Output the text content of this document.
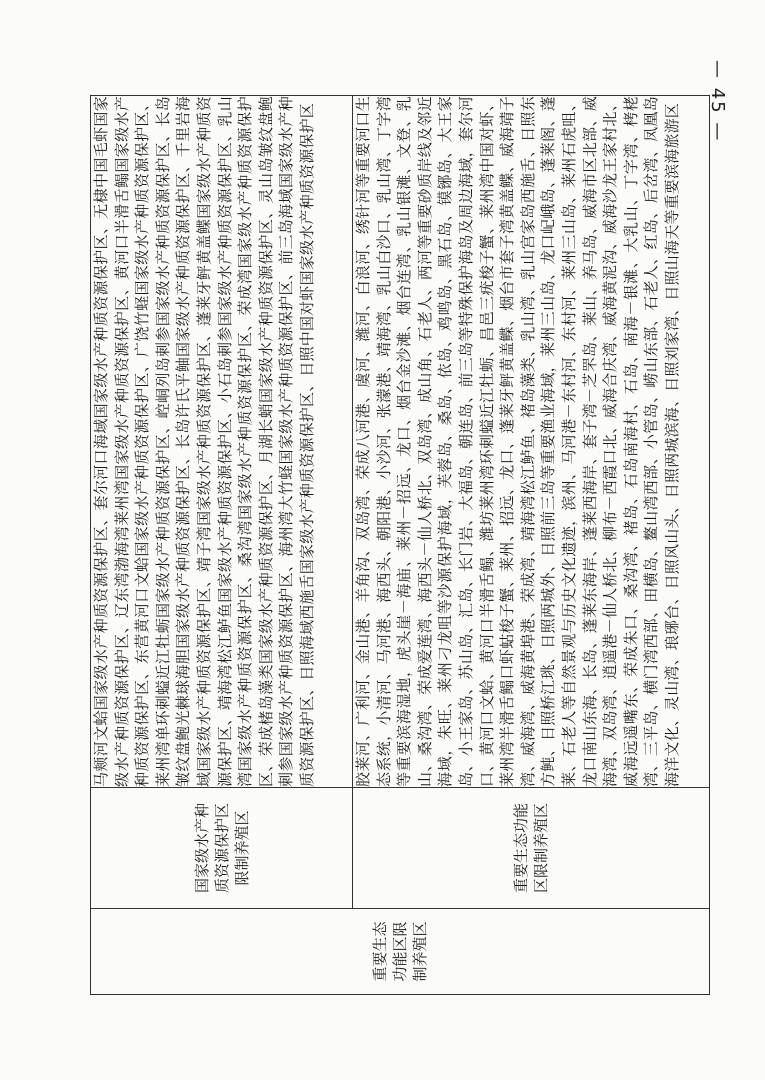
重要生态功能区限制养殖区	国家级水产种质资源保护区限制养殖区	马颊河文蛤国家级水产种质资源保护区、套尔河口海域国家级水产种质资源保护区、无棣中国毛虾国家级水产种质资源保护区、辽东湾渤海湾莱州湾国家级水产种质资源保护区、黄河口半滑舌鳎国家级水产种质资源保护区、东营黄河口文蛤国家级水产种质资源保护区、广饶竹蛏国家级水产种质资源保护区、莱州湾单环刺螠近江牡蛎国家级水产种质资源保护区、崆峒列岛刺参国家级水产种质资源保护区、长岛皱纹盘鲍光棘球海胆国家级水产种质资源保护区、长岛许氏平鲉国家级水产种质资源保护区、千里岩海域国家级水产种质资源保护区、靖子湾国家级水产种质资源保护区、蓬莱牙鲆黄盖鲽国家级水产种质资源保护区、靖海湾松江鲈鱼国家级水产种质资源保护区、小石岛刺参国家级水产种质资源保护区、乳山湾国家级水产种质资源保护区、桑沟湾国家级水产种质资源保护区、荣成湾国家级水产种质资源保护区、荣成楮岛藻类国家级水产种质资源保护区、月湖长蛸国家级水产种质资源保护区、灵山岛皱纹盘鲍刺参国家级水产种质资源保护区、海州湾大竹蛏国家级水产种质资源保护区、前三岛海域国家级水产种质资源保护区、日照海域西施舌国家级水产种质资源保护区、日照中国对虾国家级水产种质资源保护区

	重要生态功能区限制养殖区	胶莱河、广利河、金山港、羊角沟、双岛湾、荣成八河港、虞河、潍河、白浪河、绣针河等重要河口生态系统，小清河、马河港、海西头、朝阳港、小沙河、张濛港、靖海湾、乳山白沙口、乳山湾、丁字湾等重要滨海湿地，虎头崖－海庙、莱州－招远、龙口、烟台金沙滩、烟台连湾、乳山银滩、文登、乳山、桑沟湾、荣成爱莲湾、海西头－仙人桥北、双岛湾、成山角、石老人、两河等重要砂质岸线及邻近海域，朱旺、莱州刁龙咀等沙源保护海域，芙蓉岛、桑岛、依岛、鸡鸣岛、黑石岛、镆铘岛、大王家岛、小王家岛、苏山岛、汇岛、长门岩、大福岛、朝连岛、前三岛等特殊保护海岛及周边海域，套尔河口、黄河口文蛤、黄河口半滑舌鳎、潍坊莱州湾环刺螠近江牡蛎、昌邑三疣梭子蟹、莱州湾中国对虾、莱州湾半滑舌鳎口虾蛄梭子蟹、莱州、招远、龙口、蓬莱牙鲆黄盖鲽、烟台市套子湾黄盖鲽、威海靖子湾、威海湾、威海黄埠港、荣成湾、靖海湾松江鲈鱼、褚岛藻类、乳山湾、乳山宫家岛西施舌、日照东方鲀、日照桥江珧、日照两城外、日照前三岛等重要渔业海域，莱州三山岛、龙口屺峨岛、蓬莱阁、蓬莱、石老人等自然景观与历史文化遗迹，滨州、马河港－东村河、东村河、莱州三山岛、莱州石虎咀、龙口南山东海、长岛、蓬莱东海岸、蓬莱西海岸、套子湾－芝罘岛、莱山、养马岛、威海市区北部、威海湾、双岛湾、逍遥港－仙人桥北、柳布－西霞口北、威海合庆湾、威海黄泥沟、威海沙龙王家村北、威海远遥嘴东、荣成朱口、桑沟湾、褚岛、石岛南海村、石岛、南海－银滩、大乳山、丁字湾、栲栳湾、三平岛、横门湾西部、田横岛、鳌山湾西部、小管岛、崂山东部、石老人、红岛、后岔湾、凤凰岛海洋文化、灵山湾、琅琊台、日照风山头、日照两城滨海、日照刘家湾、日照山海天等重要滨海旅游区
— 45 —
